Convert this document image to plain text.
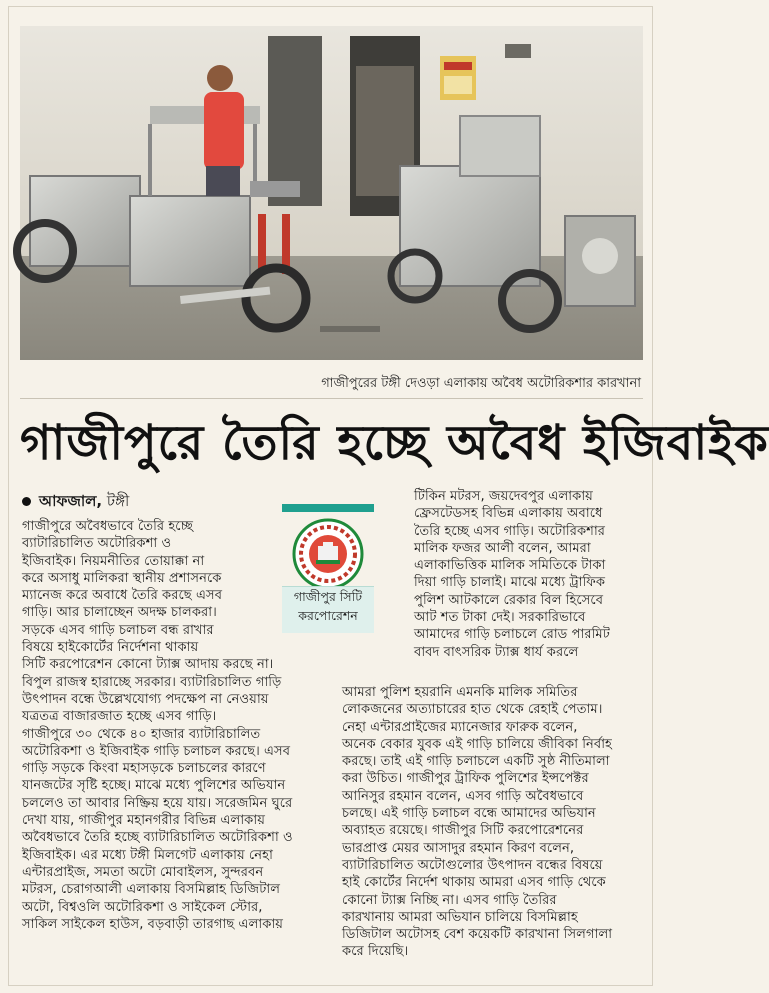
গাজীপুরের টঙ্গী দেওড়া এলাকায় অবৈধ অটোরিকশার কারখানা
গাজীপুরে তৈরি হচ্ছে অবৈধ ইজিবাইক
আফজাল, টঙ্গী
গাজীপুর সিটি
করপোরেশন

গাজীপুরে অবৈধভাবে তৈরি হচ্ছে

ব্যাটারিচালিত অটোরিকশা ও

ইজিবাইক। নিয়মনীতির তোয়াক্কা না

করে অসাধু মালিকরা স্থানীয় প্রশাসনকে

ম্যানেজ করে অবাধে তৈরি করছে এসব

গাড়ি। আর চালাচ্ছেন অদক্ষ চালকরা।

সড়কে এসব গাড়ি চলাচল বন্ধ রাখার

বিষয়ে হাইকোর্টের নির্দেশনা থাকায়

সিটি করপোরেশন কোনো ট্যাক্স আদায় করছে না।

বিপুল রাজস্ব হারাচ্ছে সরকার। ব্যাটারিচালিত গাড়ি

উৎপাদন বন্ধে উল্লেখযোগ্য পদক্ষেপ না নেওয়ায়

যত্রতত্র বাজারজাত হচ্ছে এসব গাড়ি।

গাজীপুরে ৩০ থেকে ৪০ হাজার ব্যাটারিচালিত

অটোরিকশা ও ইজিবাইক গাড়ি চলাচল করছে। এসব

গাড়ি সড়কে কিংবা মহাসড়কে চলাচলের কারণে

যানজটের সৃষ্টি হচ্ছে। মাঝে মধ্যে পুলিশের অভিযান

চললেও তা আবার নিষ্ক্রিয় হয়ে যায়। সরেজমিন ঘুরে

দেখা যায়, গাজীপুর মহানগরীর বিভিন্ন এলাকায়

অবৈধভাবে তৈরি হচ্ছে ব্যাটারিচালিত অটোরিকশা ও

ইজিবাইক। এর মধ্যে টঙ্গী মিলগেট এলাকায় নেহা

এন্টারপ্রাইজ, সমতা অটো মোবাইলস, সুন্দরবন

মটরস, চেরাগআলী এলাকায় বিসমিল্লাহ ডিজিটাল

অটো, বিশ্বওলি অটোরিকশা ও সাইকেল স্টোর,

সাকিল সাইকেল হাউস, বড়বাড়ী তারগাছ এলাকায়

টিকিন মটরস, জয়দেবপুর এলাকায়

ফ্রেসটেডসহ বিভিন্ন এলাকায় অবাধে

তৈরি হচ্ছে এসব গাড়ি। অটোরিকশার

মালিক ফজর আলী বলেন, আমরা

এলাকাভিত্তিক মালিক সমিতিকে টাকা

দিয়া গাড়ি চালাই। মাঝে মধ্যে ট্রাফিক

পুলিশ আটকালে রেকার বিল হিসেবে

আট শত টাকা দেই। সরকারিভাবে

আমাদের গাড়ি চলাচলে রোড পারমিট

বাবদ বাৎসরিক ট্যাক্স ধার্য করলে

আমরা পুলিশ হয়রানি এমনকি মালিক সমিতির

লোকজনের অত্যাচারের হাত থেকে রেহাই পেতাম।

নেহা এন্টারপ্রাইজের ম্যানেজার ফারুক বলেন,

অনেক বেকার যুবক এই গাড়ি চালিয়ে জীবিকা নির্বাহ

করছে। তাই এই গাড়ি চলাচলে একটি সুষ্ঠ নীতিমালা

করা উচিত। গাজীপুর ট্রাফিক পুলিশের ইন্সপেক্টর

আনিসুর রহমান বলেন, এসব গাড়ি অবৈধভাবে

চলছে। এই গাড়ি চলাচল বন্ধে আমাদের অভিযান

অব্যাহত রয়েছে। গাজীপুর সিটি করপোরেশনের

ভারপ্রাপ্ত মেয়র আসাদুর রহমান কিরণ বলেন,

ব্যাটারিচালিত অটোগুলোর উৎপাদন বন্ধের বিষয়ে

হাই কোর্টের নির্দেশ থাকায় আমরা এসব গাড়ি থেকে

কোনো ট্যাক্স নিচ্ছি না। এসব গাড়ি তৈরির

কারখানায় আমরা অভিযান চালিয়ে বিসমিল্লাহ

ডিজিটাল অটোসহ বেশ কয়েকটি কারখানা সিলগালা

করে দিয়েছি।
